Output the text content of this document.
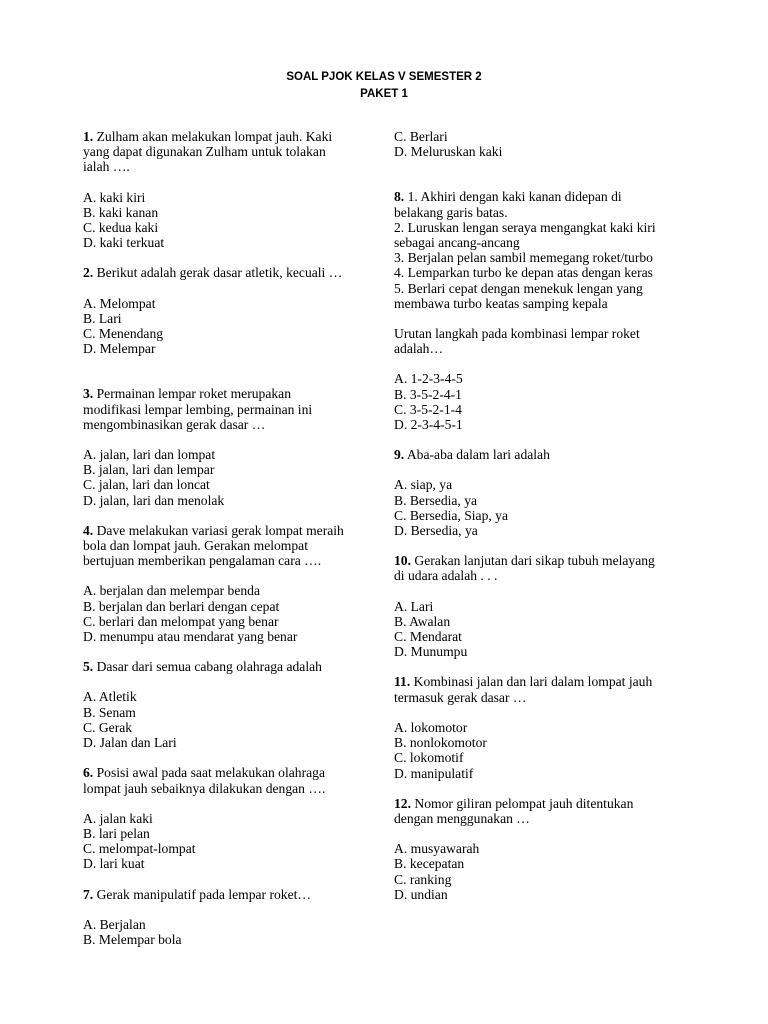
SOAL PJOK KELAS V SEMESTER 2
PAKET 1
1. Zulham akan melakukan lompat jauh. Kaki
yang dapat digunakan Zulham untuk tolakan
ialah ….
A. kaki kiri
B. kaki kanan
C. kedua kaki
D. kaki terkuat
2. Berikut adalah gerak dasar atletik, kecuali …
A. Melompat
B. Lari
C. Menendang
D. Melempar
3. Permainan lempar roket merupakan
modifikasi lempar lembing, permainan ini
mengombinasikan gerak dasar …
A. jalan, lari dan lompat
B. jalan, lari dan lempar
C. jalan, lari dan loncat
D. jalan, lari dan menolak
4. Dave melakukan variasi gerak lompat meraih
bola dan lompat jauh. Gerakan melompat
bertujuan memberikan pengalaman cara ….
A. berjalan dan melempar benda
B. berjalan dan berlari dengan cepat
C. berlari dan melompat yang benar
D. menumpu atau mendarat yang benar
5. Dasar dari semua cabang olahraga adalah
A. Atletik
B. Senam
C. Gerak
D. Jalan dan Lari
6. Posisi awal pada saat melakukan olahraga
lompat jauh sebaiknya dilakukan dengan ….
A. jalan kaki
B. lari pelan
C. melompat-lompat
D. lari kuat
7. Gerak manipulatif pada lempar roket…
A. Berjalan
B. Melempar bola
C. Berlari
D. Meluruskan kaki
8. 1. Akhiri dengan kaki kanan didepan di
belakang garis batas.
2. Luruskan lengan seraya mengangkat kaki kiri
sebagai ancang-ancang
3. Berjalan pelan sambil memegang roket/turbo
4. Lemparkan turbo ke depan atas dengan keras
5. Berlari cepat dengan menekuk lengan yang
membawa turbo keatas samping kepala
Urutan langkah pada kombinasi lempar roket
adalah…
A. 1-2-3-4-5
B. 3-5-2-4-1
C. 3-5-2-1-4
D. 2-3-4-5-1
9. Aba-aba dalam lari adalah
A. siap, ya
B. Bersedia, ya
C. Bersedia, Siap, ya
D. Bersedia, ya
10. Gerakan lanjutan dari sikap tubuh melayang
di udara adalah . . .
A. Lari
B. Awalan
C. Mendarat
D. Munumpu
11. Kombinasi jalan dan lari dalam lompat jauh
termasuk gerak dasar …
A. lokomotor
B. nonlokomotor
C. lokomotif
D. manipulatif
12. Nomor giliran pelompat jauh ditentukan
dengan menggunakan …
A. musyawarah
B. kecepatan
C. ranking
D. undian
